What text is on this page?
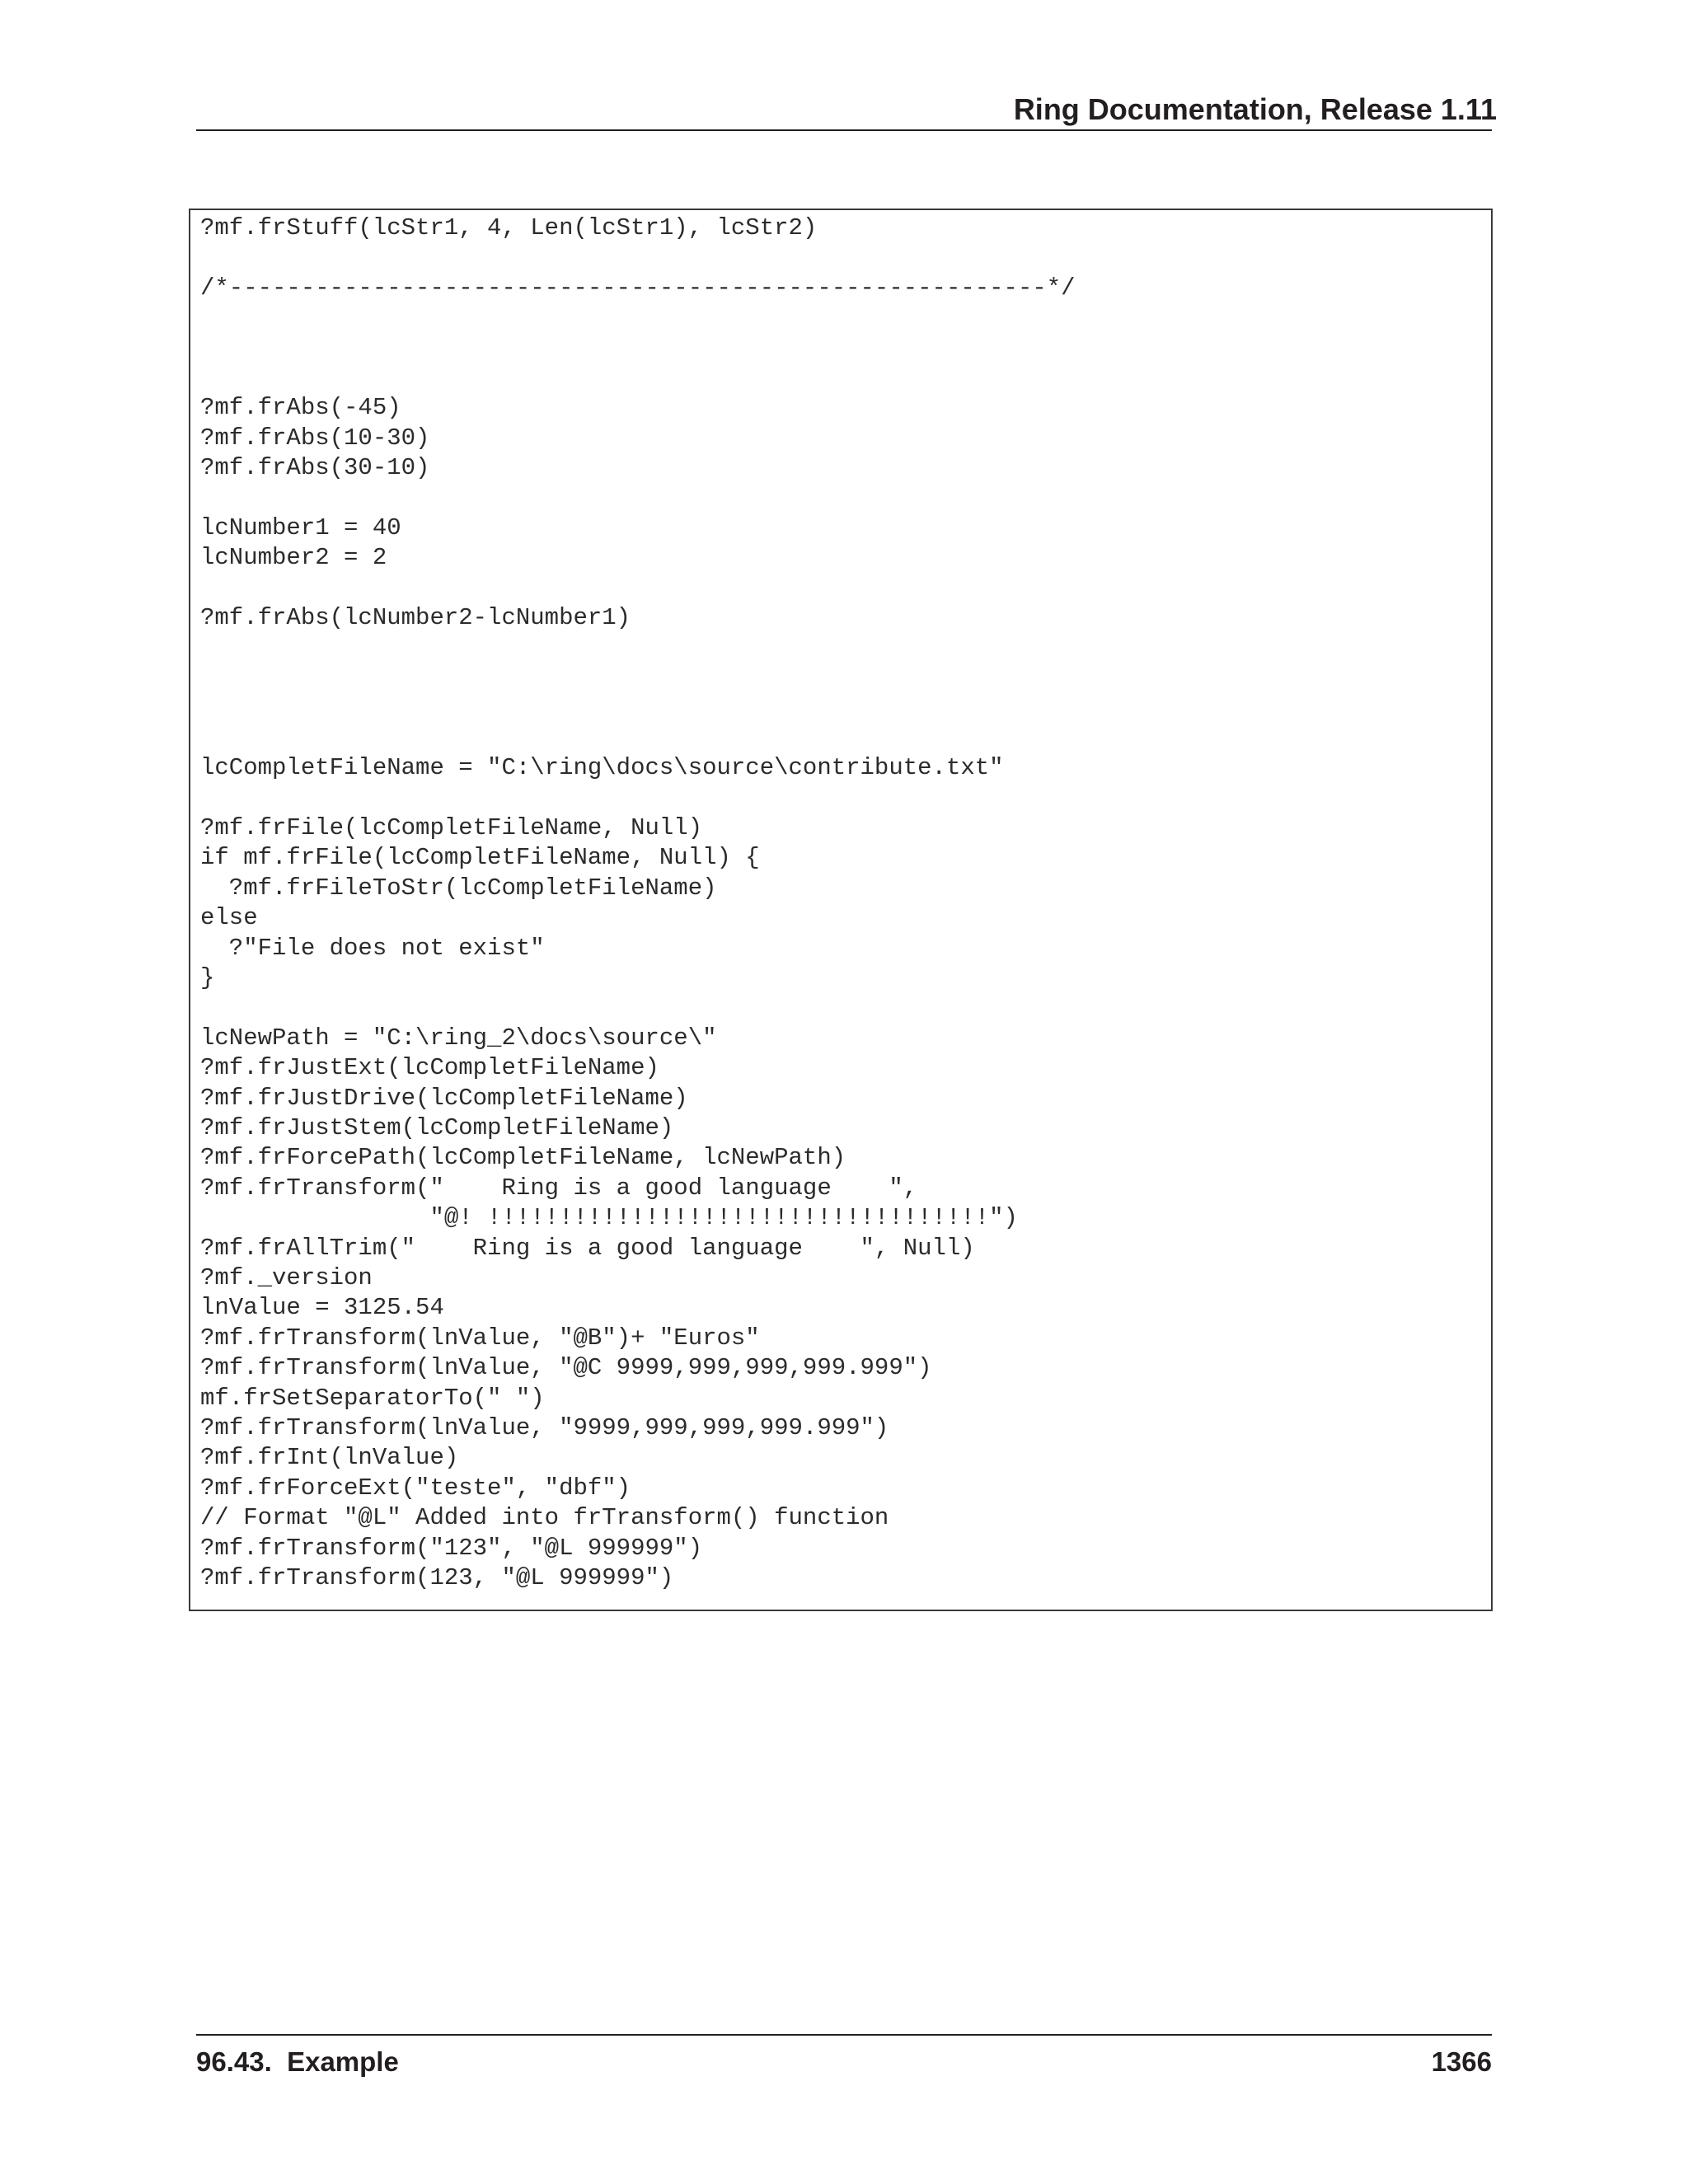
Ring Documentation, Release 1.11
?mf.frStuff(lcStr1, 4, Len(lcStr1), lcStr2)
/*---------------------------------------------------------*/
?mf.frAbs(-45)
?mf.frAbs(10-30)
?mf.frAbs(30-10)
lcNumber1 = 40
lcNumber2 = 2
?mf.frAbs(lcNumber2-lcNumber1)
lcCompletFileName = "C:\ring\docs\source\contribute.txt"
?mf.frFile(lcCompletFileName, Null)
if mf.frFile(lcCompletFileName, Null) {
?mf.frFileToStr(lcCompletFileName)
else
?"File does not exist"
}
lcNewPath = "C:\ring_2\docs\source\"
?mf.frJustExt(lcCompletFileName)
?mf.frJustDrive(lcCompletFileName)
?mf.frJustStem(lcCompletFileName)
?mf.frForcePath(lcCompletFileName, lcNewPath)
?mf.frTransform("    Ring is a good language    ",
"@! !!!!!!!!!!!!!!!!!!!!!!!!!!!!!!!!!!!")
?mf.frAllTrim("    Ring is a good language    ", Null)
?mf._version
lnValue = 3125.54
?mf.frTransform(lnValue, "@B")+ "Euros"
?mf.frTransform(lnValue, "@C 9999,999,999,999.999")
mf.frSetSeparatorTo(" ")
?mf.frTransform(lnValue, "9999,999,999,999.999")
?mf.frInt(lnValue)
?mf.frForceExt("teste", "dbf")
// Format "@L" Added into frTransform() function
?mf.frTransform("123", "@L 999999")
?mf.frTransform(123, "@L 999999")
96.43.  Example	1366
